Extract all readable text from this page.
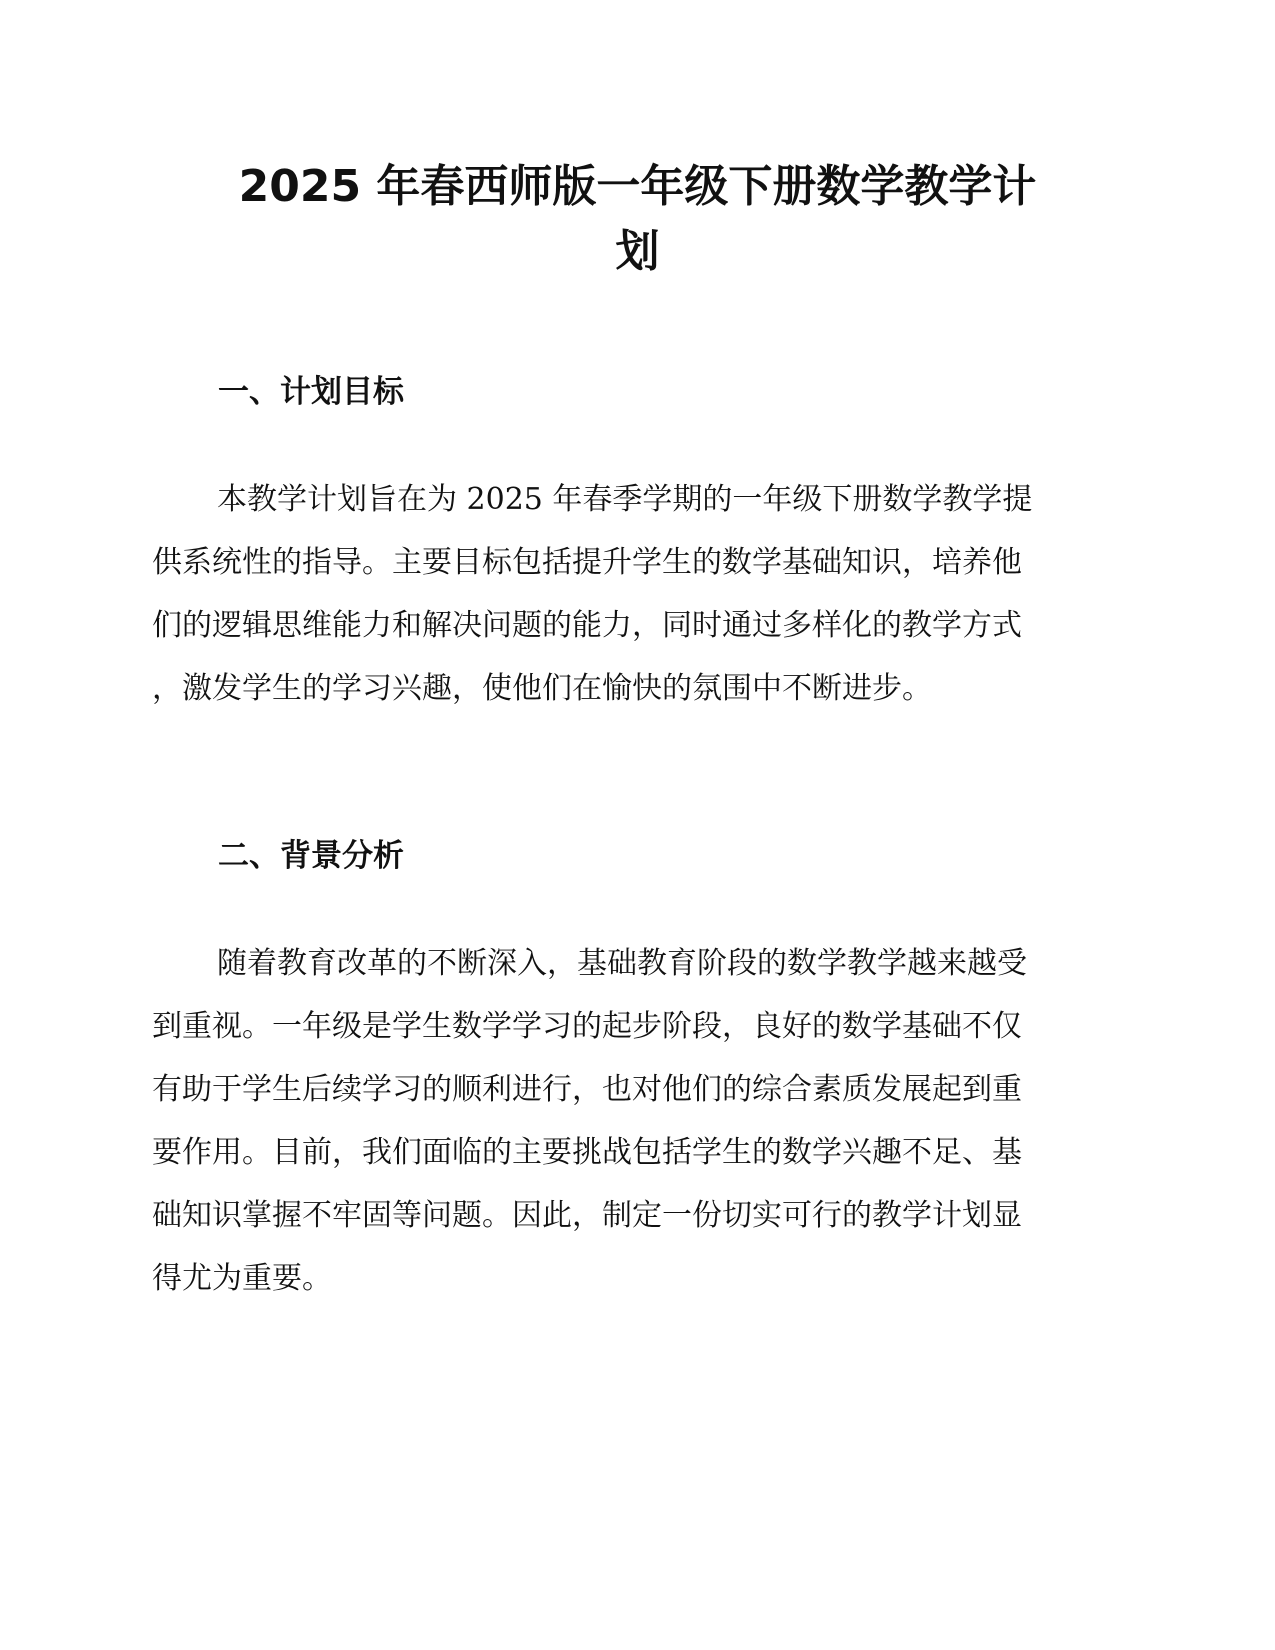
2025 年春西师版一年级下册数学教学计
划
一、计划目标

本教学计划旨在为 2025 年春季学期的一年级下册数学教学提

供系统性的指导。主要目标包括提升学生的数学基础知识，培养他

们的逻辑思维能力和解决问题的能力，同时通过多样化的教学方式

，激发学生的学习兴趣，使他们在愉快的氛围中不断进步。

二、背景分析

随着教育改革的不断深入，基础教育阶段的数学教学越来越受

到重视。一年级是学生数学学习的起步阶段，良好的数学基础不仅

有助于学生后续学习的顺利进行，也对他们的综合素质发展起到重

要作用。目前，我们面临的主要挑战包括学生的数学兴趣不足、基

础知识掌握不牢固等问题。因此，制定一份切实可行的教学计划显

得尤为重要。
